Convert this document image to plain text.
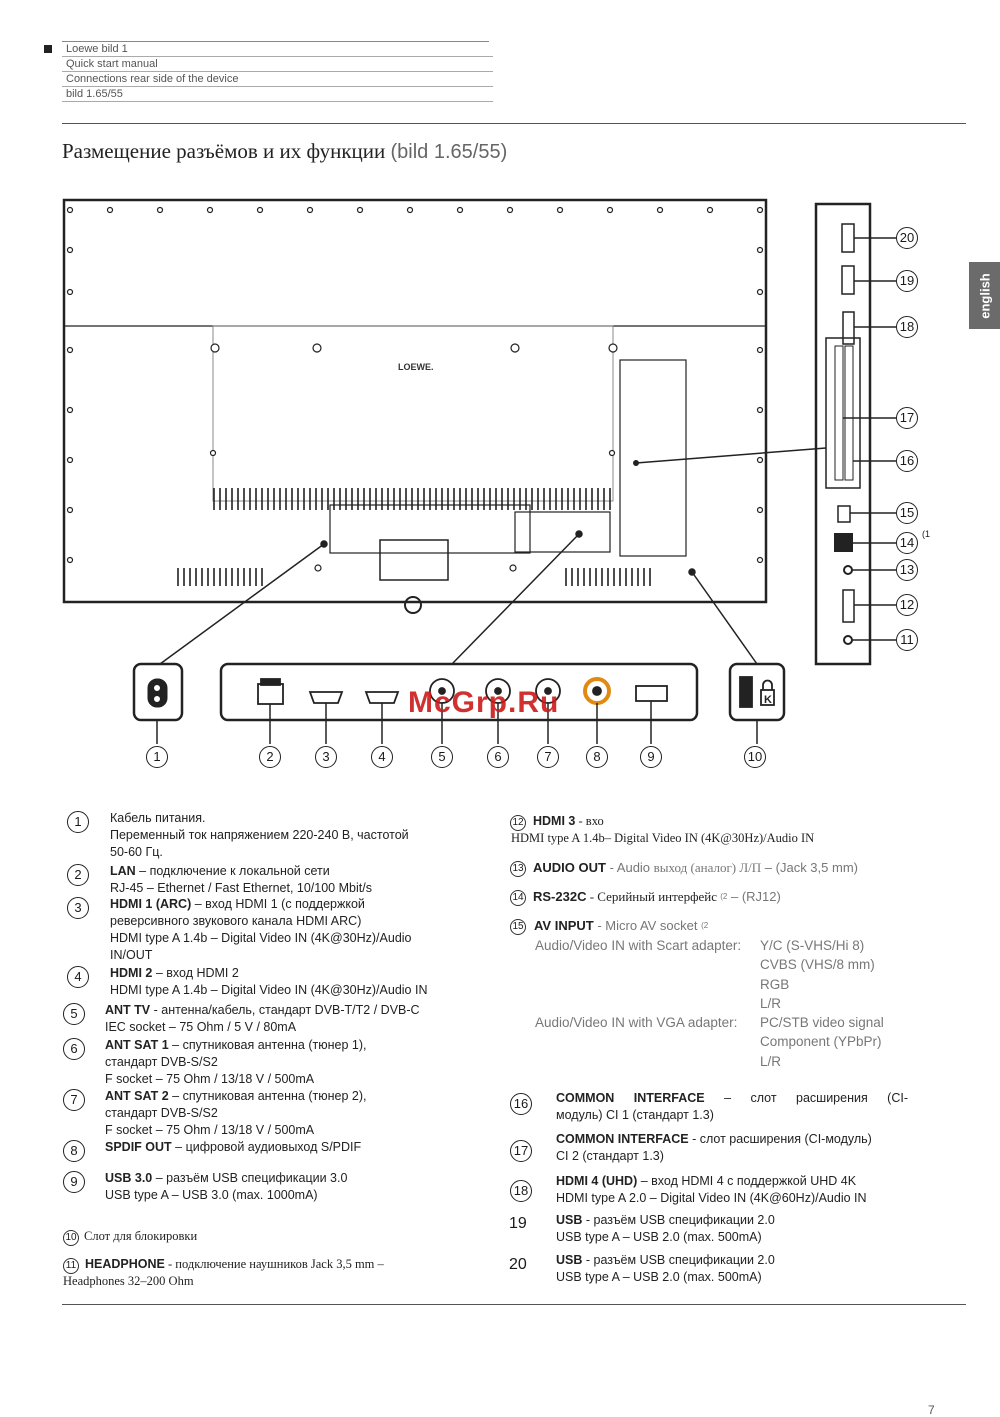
Loewe bild 1
Quick start manual
Connections rear side of the device
bild 1.65/55
Размещение разъёмов и их функции (bild 1.65/55)
english
LOEWE.
K
20
19
18
17
16
15
14
(1
13
12
11
1	2	3	4	5	6	7	8	9	10
McGrp.Ru
1	Кабель питания.
Переменный ток напряжением 220-240 В, частотой
50-60 Гц.
2	LAN – подключение к локальной сети
RJ-45 – Ethernet / Fast Ethernet, 10/100 Mbit/s
3	HDMI 1 (ARC) – вход HDMI 1 (с поддержкой
реверсивного звукового канала HDMI ARC)
HDMI type A 1.4b – Digital Video IN (4K@30Hz)/Audio
IN/OUT
4	HDMI 2 – вход HDMI 2
HDMI type A 1.4b – Digital Video IN (4K@30Hz)/Audio IN
5	ANT TV - антенна/кабель, стандарт DVB-T/T2 / DVB-C
IEC socket – 75 Ohm / 5 V / 80mA
6	ANT SAT 1 – спутниковая антенна (тюнер 1),
стандарт DVB-S/S2
F socket – 75 Ohm / 13/18 V / 500mA
7	ANT SAT 2 – спутниковая антенна (тюнер 2),
стандарт DVB-S/S2
F socket – 75 Ohm / 13/18 V / 500mA
8	SPDIF OUT – цифровой аудиовыход S/PDIF
9	USB 3.0 – разъём USB спецификации 3.0
USB type A – USB 3.0 (max. 1000mA)
10 Слот для блокировки
11 HEADPHONE - подключение наушников Jack 3,5 mm –
Headphones 32–200 Ohm
12 HDMI 3 - вхо
HDMI type A 1.4b– Digital Video IN (4K@30Hz)/Audio IN
13 AUDIO OUT - Audio выход (аналог) Л/П – (Jack 3,5 mm)
14 RS-232C - Серийный интерфейс $^{(2}$ – (RJ12)
15 AV INPUT - Micro AV socket $^{(2}$
Audio/Video IN with Scart adapter: Y/C (S-VHS/Hi 8)
CVBS (VHS/8 mm)
RGB
L/R
Audio/Video IN with VGA adapter: PC/STB video signal
Component (YPbPr)
L/R
16	COMMON INTERFACE – слот расширения (CI-
модуль) CI 1 (стандарт 1.3)
17
COMMON INTERFACE - слот расширения (CI-модуль)
CI 2 (стандарт 1.3)
18
HDMI 4 (UHD) – вход HDMI 4 с поддержкой UHD 4K
HDMI type A 2.0 – Digital Video IN (4K@60Hz)/Audio IN
19 USB - разъём USB спецификации 2.0
USB type A – USB 2.0 (max. 500mA)
20 USB - разъём USB спецификации 2.0
USB type A – USB 2.0 (max. 500mA)
7
